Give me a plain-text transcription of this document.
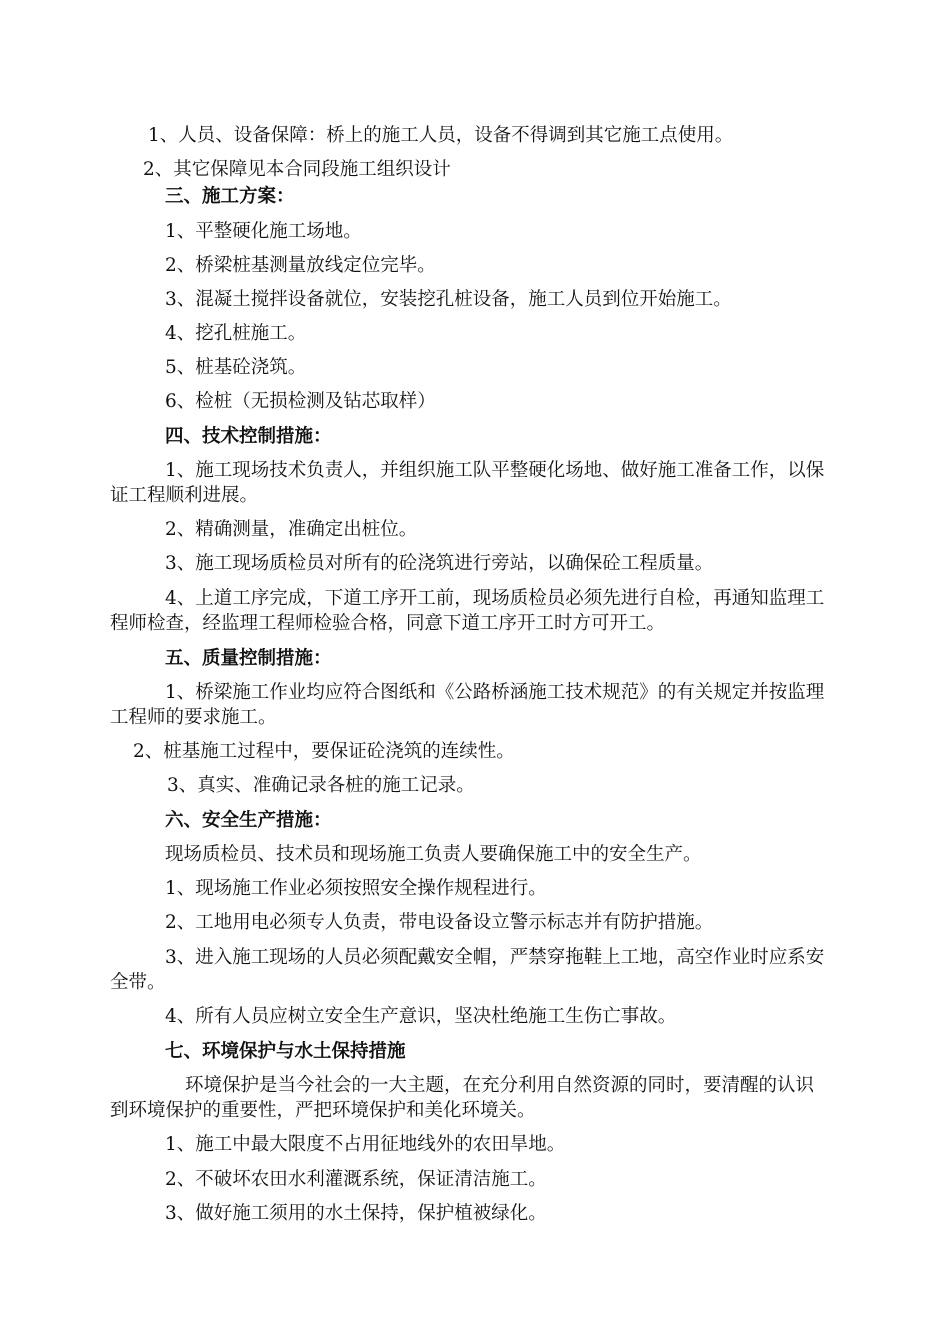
1、人员、设备保障：桥上的施工人员，设备不得调到其它施工点使用。

2、其它保障见本合同段施工组织设计

三、施工方案：

1、平整硬化施工场地。

2、桥梁桩基测量放线定位完毕。

3、混凝土搅拌设备就位，安装挖孔桩设备，施工人员到位开始施工。

4、挖孔桩施工。

5、桩基砼浇筑。

6、检桩（无损检测及钻芯取样）

四、技术控制措施：

1、施工现场技术负责人，并组织施工队平整硬化场地、做好施工准备工作，以保

证工程顺利进展。

2、精确测量，准确定出桩位。

3、施工现场质检员对所有的砼浇筑进行旁站，以确保砼工程质量。

4、上道工序完成，下道工序开工前，现场质检员必须先进行自检，再通知监理工

程师检查，经监理工程师检验合格，同意下道工序开工时方可开工。

五、质量控制措施：

1、桥梁施工作业均应符合图纸和《公路桥涵施工技术规范》的有关规定并按监理

工程师的要求施工。

2、桩基施工过程中，要保证砼浇筑的连续性。

3、真实、准确记录各桩的施工记录。

六、安全生产措施：

现场质检员、技术员和现场施工负责人要确保施工中的安全生产。

1、现场施工作业必须按照安全操作规程进行。

2、工地用电必须专人负责，带电设备设立警示标志并有防护措施。

3、进入施工现场的人员必须配戴安全帽，严禁穿拖鞋上工地，高空作业时应系安

全带。

4、所有人员应树立安全生产意识，坚决杜绝施工生伤亡事故。

七、环境保护与水土保持措施

环境保护是当今社会的一大主题，在充分利用自然资源的同时，要清醒的认识

到环境保护的重要性，严把环境保护和美化环境关。

1、施工中最大限度不占用征地线外的农田旱地。

2、不破坏农田水利灌溉系统，保证清洁施工。

3、做好施工须用的水土保持，保护植被绿化。
